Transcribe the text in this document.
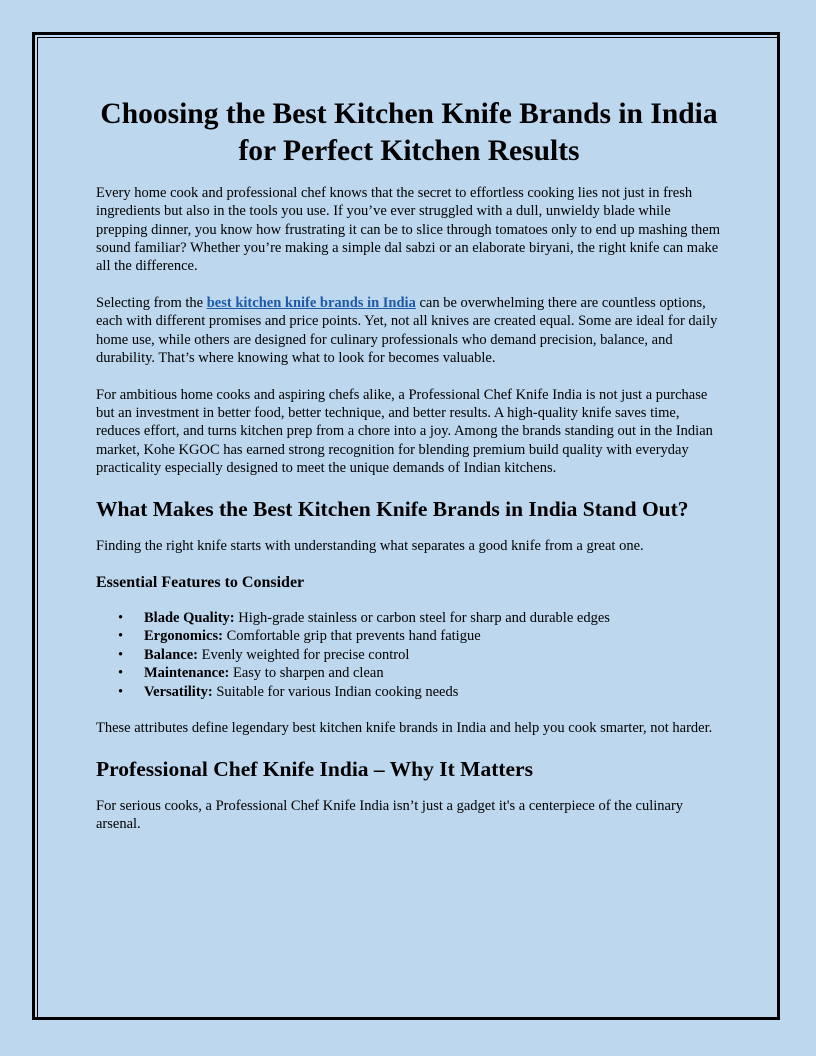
Choosing the Best Kitchen Knife Brands in India for Perfect Kitchen Results

Every home cook and professional chef knows that the secret to effortless cooking lies not just in fresh ingredients but also in the tools you use. If you’ve ever struggled with a dull, unwieldy blade while prepping dinner, you know how frustrating it can be to slice through tomatoes only to end up mashing them sound familiar? Whether you’re making a simple dal sabzi or an elaborate biryani, the right knife can make all the difference.

Selecting from the best kitchen knife brands in India can be overwhelming there are countless options, each with different promises and price points. Yet, not all knives are created equal. Some are ideal for daily home use, while others are designed for culinary professionals who demand precision, balance, and durability. That’s where knowing what to look for becomes valuable.

For ambitious home cooks and aspiring chefs alike, a Professional Chef Knife India is not just a purchase but an investment in better food, better technique, and better results. A high-quality knife saves time, reduces effort, and turns kitchen prep from a chore into a joy. Among the brands standing out in the Indian market, Kohe KGOC has earned strong recognition for blending premium build quality with everyday practicality especially designed to meet the unique demands of Indian kitchens.

What Makes the Best Kitchen Knife Brands in India Stand Out?

Finding the right knife starts with understanding what separates a good knife from a great one.

Essential Features to Consider
• Blade Quality: High-grade stainless or carbon steel for sharp and durable edges
• Ergonomics: Comfortable grip that prevents hand fatigue
• Balance: Evenly weighted for precise control
• Maintenance: Easy to sharpen and clean
• Versatility: Suitable for various Indian cooking needs

These attributes define legendary best kitchen knife brands in India and help you cook smarter, not harder.

Professional Chef Knife India – Why It Matters

For serious cooks, a Professional Chef Knife India isn’t just a gadget it's a centerpiece of the culinary arsenal.
